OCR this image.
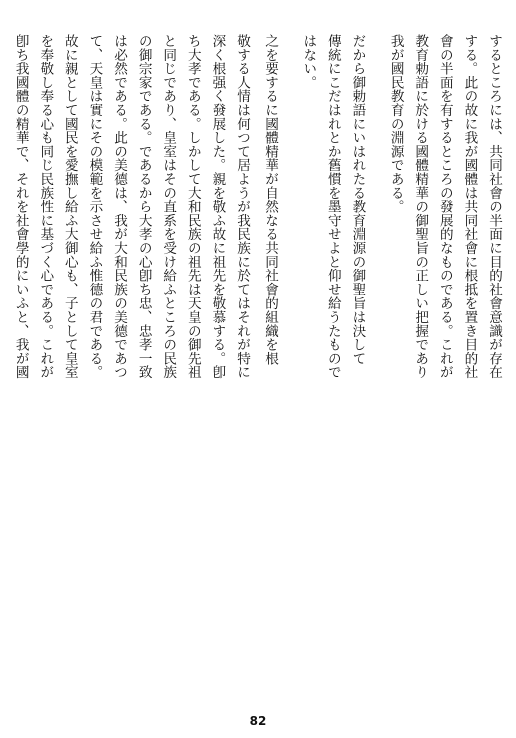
するところには、共同社會の半面に目的社會意識が存在
する。此の故に我が國體は共同社會に根抵を置き目的社
會の半面を有するところの發展的なものである。これが
教育勅語に於ける國體精華の御聖旨の正しい把握であり
我が國民教育の淵源である。
だから御勅語にいはれたる教育淵源の御聖旨は決して
傳統にこだはれとか舊慣を墨守せよと仰せ給うたもので
はない。
之を要するに國體精華が自然なる共同社會的組織を根
敬する人情は何つて居ようが我民族に於てはそれが特に
深く根强く發展した。親を敬ふ故に祖先を敬慕する。卽
ち大孝である。しかして大和民族の祖先は天皇の御先祖
と同じであり、皇室はその直系を受け給ふところの民族
の御宗家である。であるから大孝の心卽ち忠、忠孝一致
は必然である。此の美德は、我が大和民族の美德であつ
て、天皇は實にその模範を示させ給ふ惟德の君である。
故に親として國民を愛撫し給ふ大御心も、子として皇室
を奉敬し奉る心も同じ民族性に基づく心である。これが
卽ち我國體の精華で、それを社會學的にいふと、我が國
82
